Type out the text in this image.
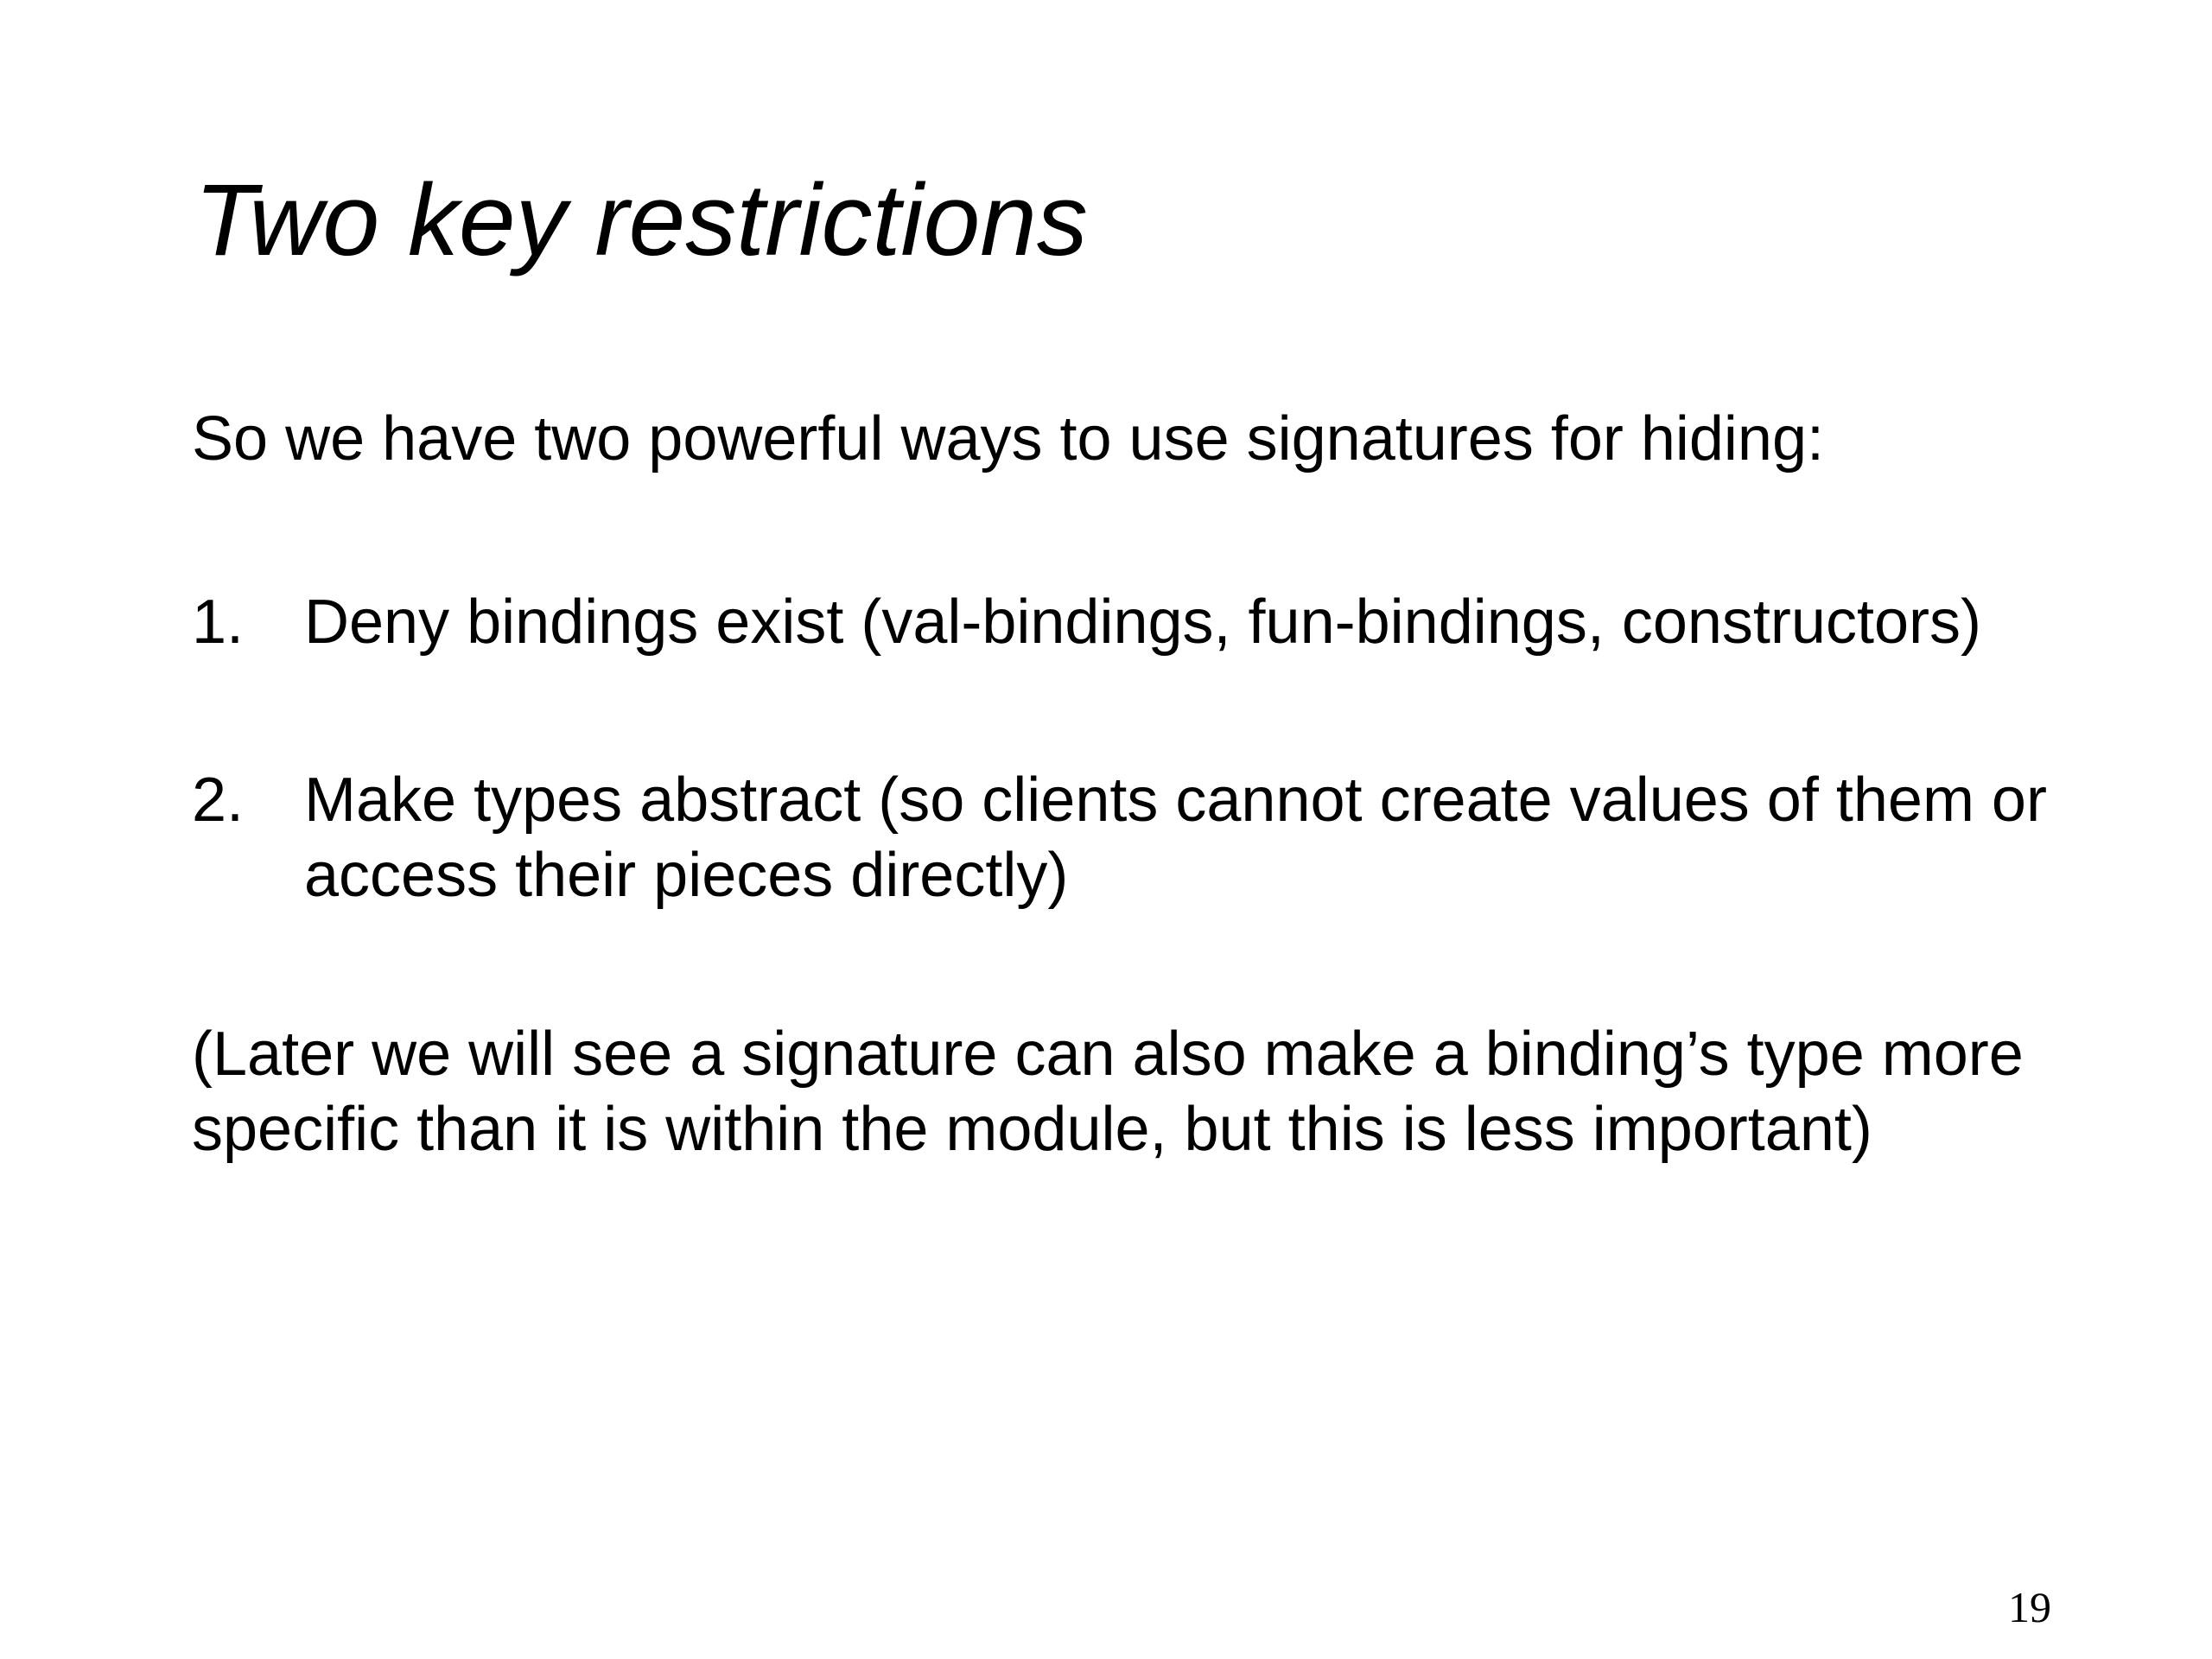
Two key restrictions

So we have two powerful ways to use signatures for hiding:

1. Deny bindings exist (val-bindings, fun-bindings, constructors)
2. Make types abstract (so clients cannot create values of them or
access their pieces directly)

(Later we will see a signature can also make a binding’s type more
specific than it is within the module, but this is less important)

19
